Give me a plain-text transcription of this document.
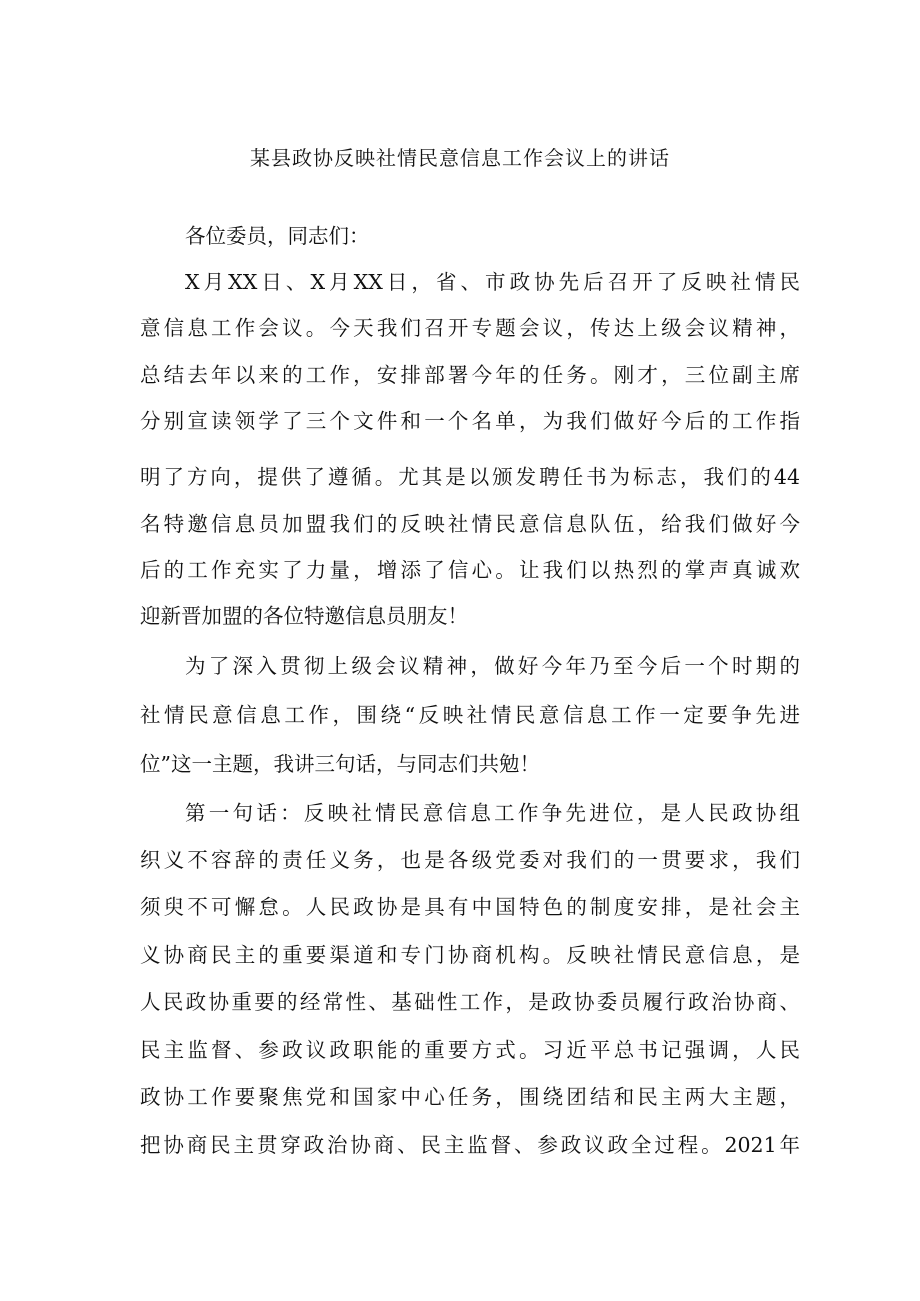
某县政协反映社情民意信息工作会议上的讲话
各位委员，同志们：
X月XX日、X月XX日，省、市政协先后召开了反映社情民
意信息工作会议。今天我们召开专题会议，传达上级会议精神，
总结去年以来的工作，安排部署今年的任务。刚才，三位副主席
分别宣读领学了三个文件和一个名单，为我们做好今后的工作指
明了方向，提供了遵循。尤其是以颁发聘任书为标志，我们的44
名特邀信息员加盟我们的反映社情民意信息队伍，给我们做好今
后的工作充实了力量，增添了信心。让我们以热烈的掌声真诚欢
迎新晋加盟的各位特邀信息员朋友！
为了深入贯彻上级会议精神，做好今年乃至今后一个时期的
社情民意信息工作，围绕“反映社情民意信息工作一定要争先进
位”这一主题，我讲三句话，与同志们共勉！
第一句话：反映社情民意信息工作争先进位，是人民政协组
织义不容辞的责任义务，也是各级党委对我们的一贯要求，我们
须臾不可懈怠。人民政协是具有中国特色的制度安排，是社会主
义协商民主的重要渠道和专门协商机构。反映社情民意信息，是
人民政协重要的经常性、基础性工作，是政协委员履行政治协商、
民主监督、参政议政职能的重要方式。习近平总书记强调，人民
政协工作要聚焦党和国家中心任务，围绕团结和民主两大主题，
把协商民主贯穿政治协商、民主监督、参政议政全过程。2021年
